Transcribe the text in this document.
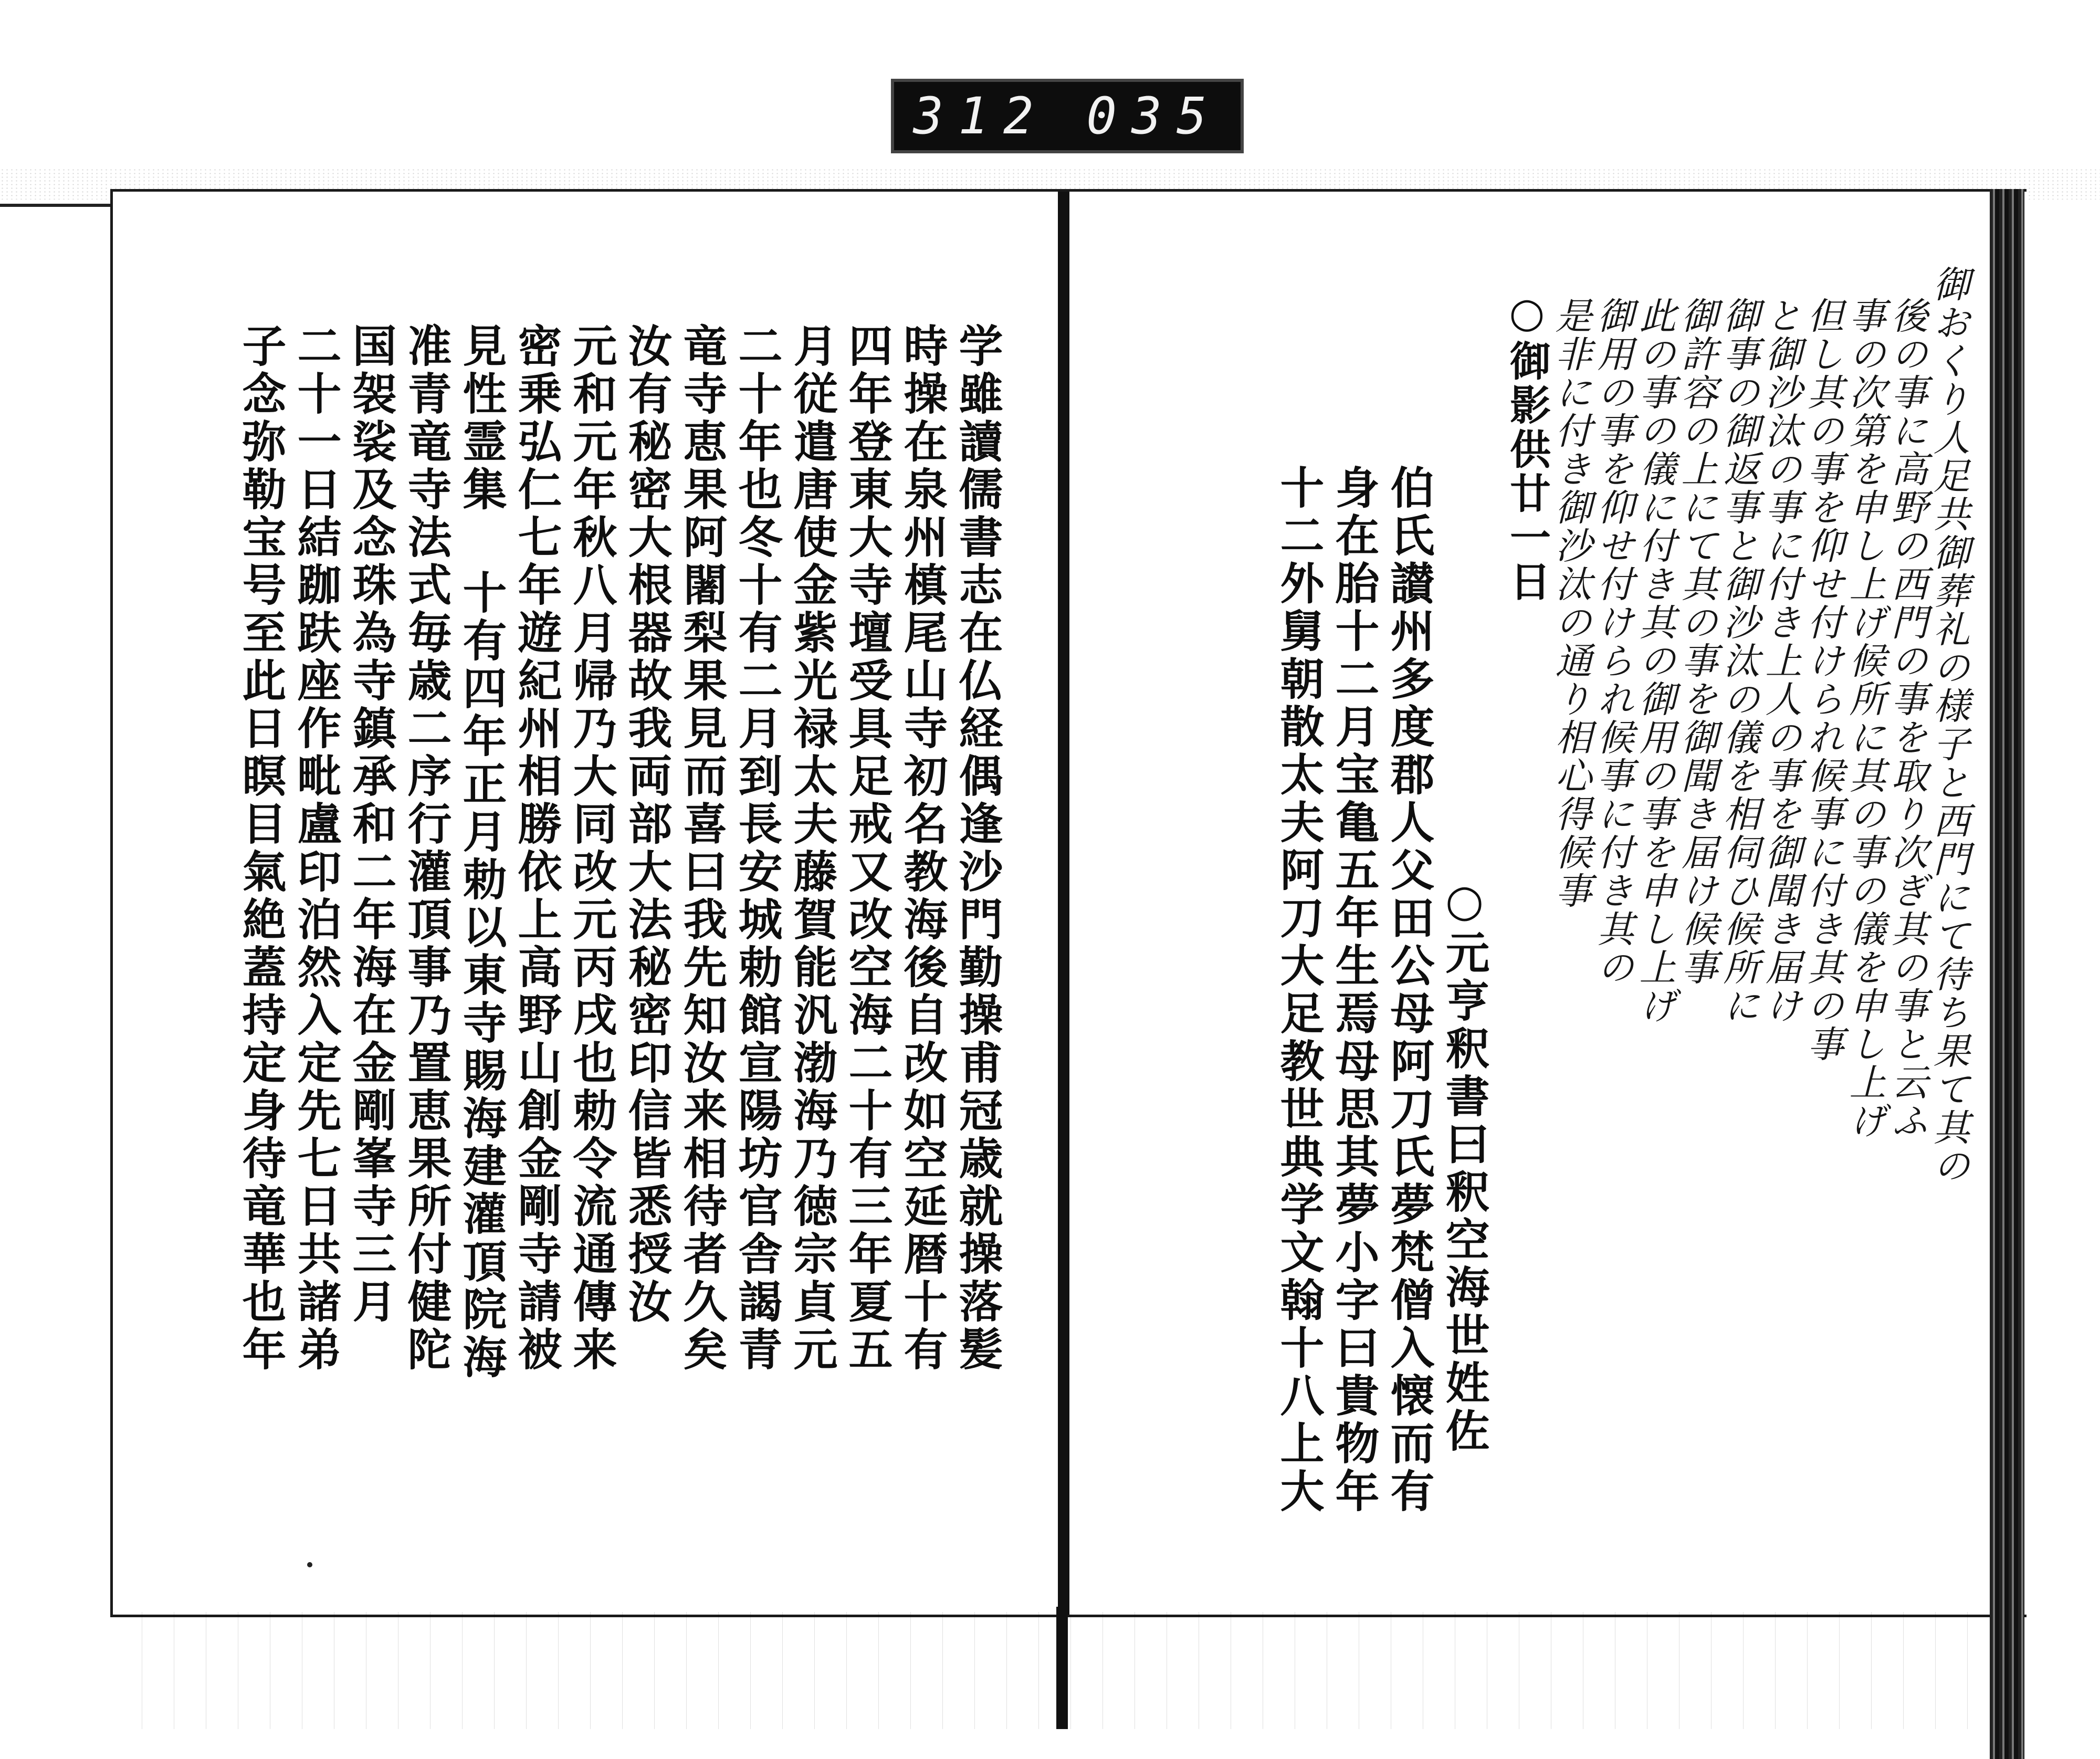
312 035
学雖讀儒書志在仏経偶逢沙門勤操甫冠歳就操落髪
時操在泉州槙尾山寺初名教海後自改如空延暦十有
四年登東大寺壇受具足戒又改空海二十有三年夏五
月従遣唐使金紫光禄太夫藤賀能汎渤海乃徳宗貞元
二十年也冬十有二月到長安城勅館宣陽坊官舎謁青
竜寺恵果阿闍梨果見而喜曰我先知汝来相待者久矣
汝有秘密大根器故我両部大法秘密印信皆悉授汝
元和元年秋八月帰乃大同改元丙戌也勅令流通傳来
密乗弘仁七年遊紀州相勝依上高野山創金剛寺請被
見性霊集 十有四年正月勅以東寺賜海建灌頂院海
准青竜寺法式毎歳二序行灌頂事乃置恵果所付健陀
国袈裟及念珠為寺鎮承和二年海在金剛峯寺三月
二十一日結跏趺座作毗盧印泊然入定先七日共諸弟
子念弥勒宝号至此日瞑目氣絶蓋持定身待竜華也年	御おくり人足共御葬礼の様子と西門にて待ち果て其の
後の事に高野の西門の事を取り次ぎ其の事と云ふ
事の次第を申し上げ候所に其の事の儀を申し上げ
但し其の事を仰せ付けられ候事に付き其の事
と御沙汰の事に付き上人の事を御聞き届け
御事の御返事と御沙汰の儀を相伺ひ候所に
御許容の上にて其の事を御聞き届け候事
此の事の儀に付き其の御用の事を申し上げ
御用の事を仰せ付けられ候事に付き其の
是非に付き御沙汰の通り相心得候事
○御影供廿一日
○元亨釈書曰釈空海世姓佐
伯氏讃州多度郡人父田公母阿刀氏夢梵僧入懐而有
身在胎十二月宝亀五年生焉母思其夢小字曰貴物年
十二外舅朝散太夫阿刀大足教世典学文翰十八上大
